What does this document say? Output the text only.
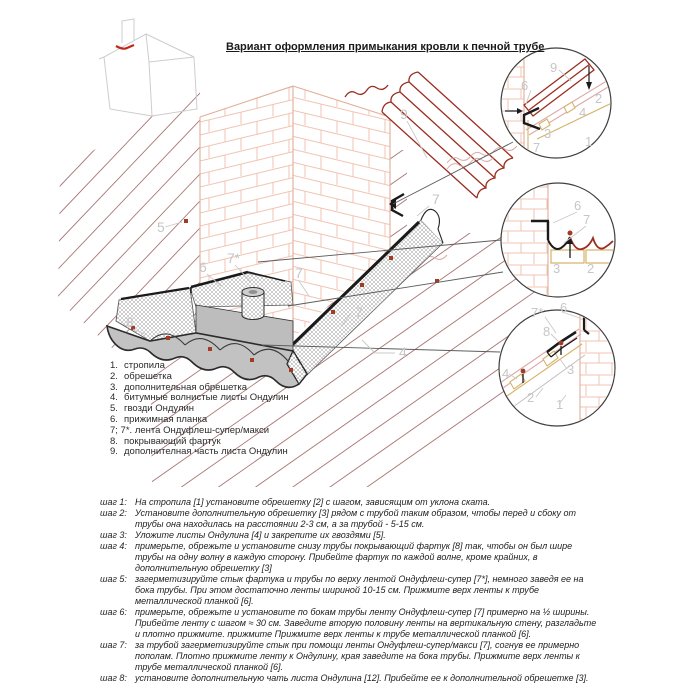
9
5
6
7*
7
8
7
4
7
9
6
2
4
3
1
7
6
7
3 2
7* 6
8
3
4
2 1
Вариант оформления примыкания кровли к печной трубе
1. стропила
2. обрешетка
3. дополнительная обрешетка
4. битумные волнистые листы Ондулин
5. гвозди Ондулин
6. прижимная планка
7; 7*. лента Ондуфлеш-супер/макси
8. покрывающий фартук
9. дополнителная часть листа Ондулин
шаг 1: На стропила [1] установите обрешетку [2] с шагом, зависящим от уклона ската.
шаг 2: Установите дополнительную обрешетку [3] рядом с трубой таким образом, чтобы перед и сбоку от трубы она находилась на расстоянии 2-3 см, а за трубой - 5-15 см.
шаг 3: Уложите листы Ондулина [4] и закрепите их гвоздями [5].
шаг 4: примерьте, обрежьте и установите снизу трубы покрывающий фартук [8] так, чтобы он был шире трубы на одну волну в каждую сторону. Прибейте фартук по каждой волне, кроме крайних, в дополнительную обрешетку [3]
шаг 5: загерметизируйте стык фартука и трубы по верху лентой Ондуфлеш-супер [7*], немного заведя ее на бока трубы. При этом достаточно ленты шириной 10-15 см. Прижмите верх ленты к трубе металлической планкой [6].
шаг 6: примерьте, обрежьте и установите по бокам трубы ленту Ондуфлеш-супер [7] примерно на ½ ширины. Прибейте ленту с шагом ≈ 30 см. Заведите вторую половину ленты на вертикальную стену, разгладьте и плотно прижмите. прижмите Прижмите верх ленты к трубе металлической планкой [6].
шаг 7: за трубой загерметизируйте стык при помощи ленты Ондуфлеш-супер/макси [7], согнув ее примерно пополам. Плотно прижмите ленту к Ондулину, края заведите на бока трубы. Прижмите верх ленты к трубе металлической планкой [6].
шаг 8: установите дополнительную чать листа Ондулина [12]. Прибейте ее к дополнительной обрешетке [3].
